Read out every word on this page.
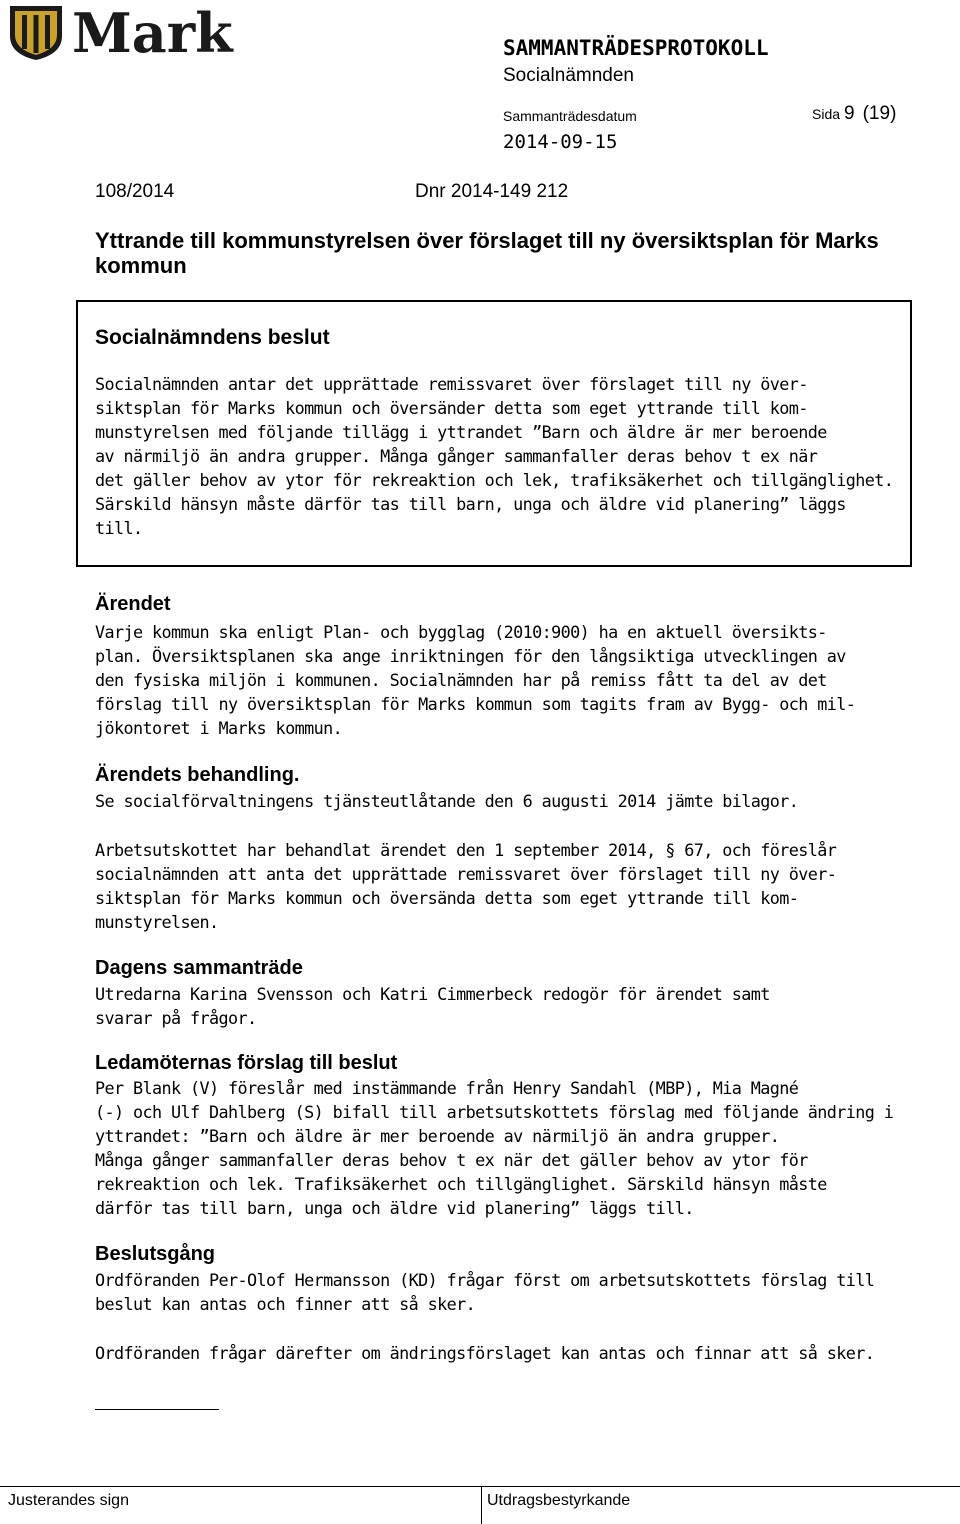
Mark	SAMMANTRÄDESPROTOKOLL
Socialnämnden
Sammanträdesdatum	Sida 9 (19)
2014-09-15
108/2014	Dnr 2014-149 212
Yttrande till kommunstyrelsen över förslaget till ny översiktsplan för Marks kommun
Socialnämndens beslut
Socialnämnden antar det upprättade remissvaret över förslaget till ny över-
siktsplan för Marks kommun och översänder detta som eget yttrande till kom-
munstyrelsen med följande tillägg i yttrandet ”Barn och äldre är mer beroende
av närmiljö än andra grupper. Många gånger sammanfaller deras behov t ex när
det gäller behov av ytor för rekreaktion och lek, trafiksäkerhet och tillgänglighet.
Särskild hänsyn måste därför tas till barn, unga och äldre vid planering” läggs
till.
Ärendet
Varje kommun ska enligt Plan- och bygglag (2010:900) ha en aktuell översikts-
plan. Översiktsplanen ska ange inriktningen för den långsiktiga utvecklingen av
den fysiska miljön i kommunen. Socialnämnden har på remiss fått ta del av det
förslag till ny översiktsplan för Marks kommun som tagits fram av Bygg- och mil-
jökontoret i Marks kommun.
Ärendets behandling.
Se socialförvaltningens tjänsteutlåtande den 6 augusti 2014 jämte bilagor.
Arbetsutskottet har behandlat ärendet den 1 september 2014, § 67, och föreslår
socialnämnden att anta det upprättade remissvaret över förslaget till ny över-
siktsplan för Marks kommun och översända detta som eget yttrande till kom-
munstyrelsen.
Dagens sammanträde
Utredarna Karina Svensson och Katri Cimmerbeck redogör för ärendet samt
svarar på frågor.
Ledamöternas förslag till beslut
Per Blank (V) föreslår med instämmande från Henry Sandahl (MBP), Mia Magné
(-) och Ulf Dahlberg (S) bifall till arbetsutskottets förslag med följande ändring i
yttrandet: ”Barn och äldre är mer beroende av närmiljö än andra grupper.
Många gånger sammanfaller deras behov t ex när det gäller behov av ytor för
rekreaktion och lek. Trafiksäkerhet och tillgänglighet. Särskild hänsyn måste
därför tas till barn, unga och äldre vid planering” läggs till.
Beslutsgång
Ordföranden Per-Olof Hermansson (KD) frågar först om arbetsutskottets förslag till
beslut kan antas och finner att så sker.
Ordföranden frågar därefter om ändringsförslaget kan antas och finnar att så sker.
Justerandes sign	Utdragsbestyrkande
